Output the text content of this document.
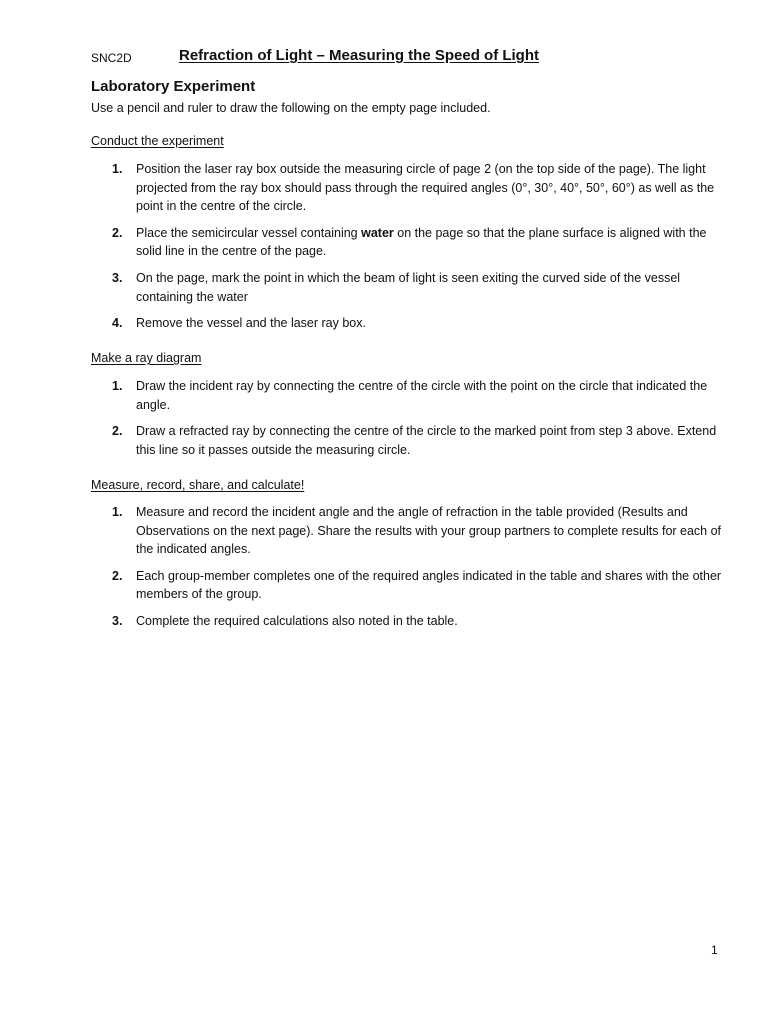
SNC2D	Refraction of Light – Measuring the Speed of Light
Laboratory Experiment
Use a pencil and ruler to draw the following on the empty page included.
Conduct the experiment
1. Position the laser ray box outside the measuring circle of page 2 (on the top side of the page). The light projected from the ray box should pass through the required angles (0°, 30°, 40°, 50°, 60°) as well as the point in the centre of the circle.
2. Place the semicircular vessel containing water on the page so that the plane surface is aligned with the solid line in the centre of the page.
3. On the page, mark the point in which the beam of light is seen exiting the curved side of the vessel containing the water
4. Remove the vessel and the laser ray box.
Make a ray diagram
1. Draw the incident ray by connecting the centre of the circle with the point on the circle that indicated the angle.
2. Draw a refracted ray by connecting the centre of the circle to the marked point from step 3 above. Extend this line so it passes outside the measuring circle.
Measure, record, share, and calculate!
1. Measure and record the incident angle and the angle of refraction in the table provided (Results and Observations on the next page). Share the results with your group partners to complete results for each of the indicated angles.
2. Each group-member completes one of the required angles indicated in the table and shares with the other members of the group.
3. Complete the required calculations also noted in the table.
1
